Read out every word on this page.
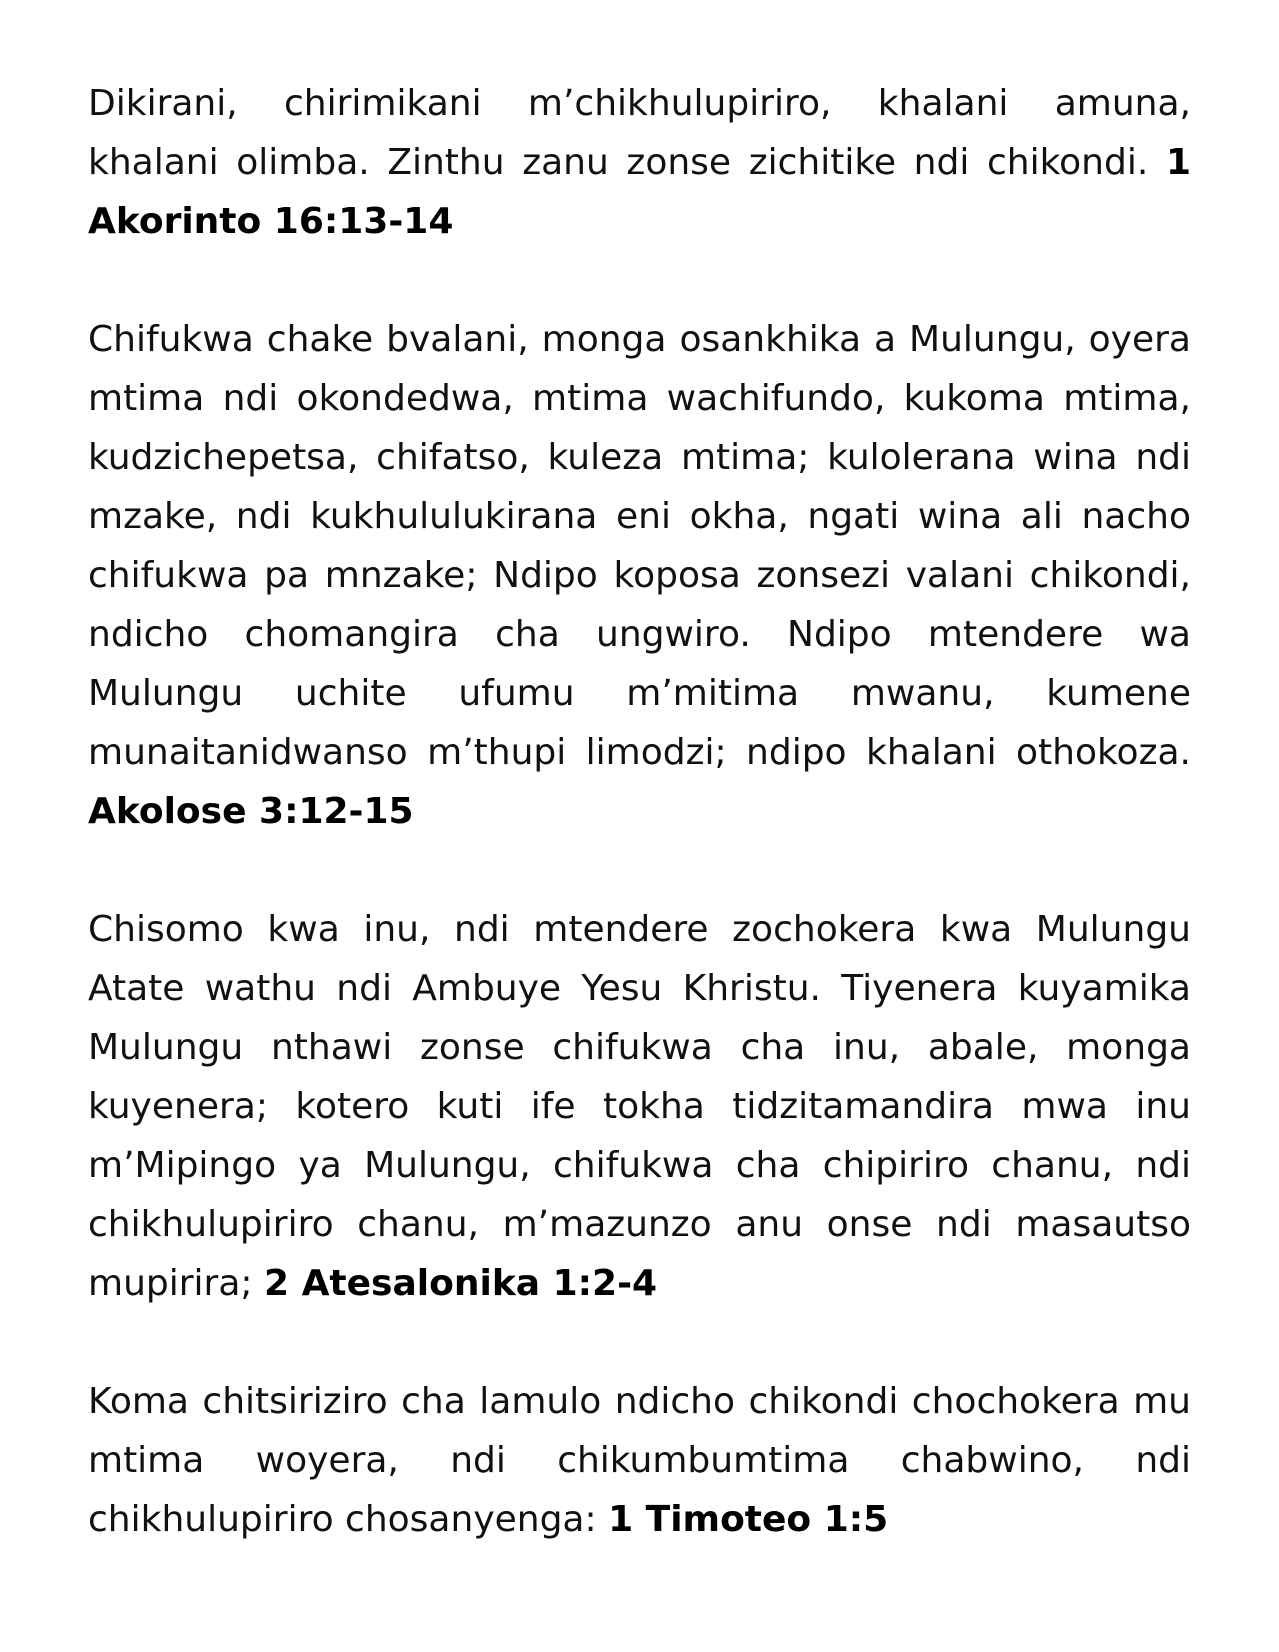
Dikirani, chirimikani m’chikhulupiriro, khalani amuna, khalani olimba. Zinthu zanu zonse zichitike ndi chikondi. 1 Akorinto 16:13-14

Chifukwa chake bvalani, monga osankhika a Mulungu, oyera mtima ndi okondedwa, mtima wachifundo, kukoma mtima, kudzichepetsa, chifatso, kuleza mtima; kulolerana wina ndi mzake, ndi kukhululukirana eni okha, ngati wina ali nacho chifukwa pa mnzake; Ndipo koposa zonsezi valani chikondi, ndicho chomangira cha ungwiro. Ndipo mtendere wa Mulungu uchite ufumu m’mitima mwanu, kumene munaitanidwanso m’thupi limodzi; ndipo khalani othokoza. Akolose 3:12-15

Chisomo kwa inu, ndi mtendere zochokera kwa Mulungu Atate wathu ndi Ambuye Yesu Khristu. Tiyenera kuyamika Mulungu nthawi zonse chifukwa cha inu, abale, monga kuyenera; kotero kuti ife tokha tidzitamandira mwa inu m’Mipingo ya Mulungu, chifukwa cha chipiriro chanu, ndi chikhulupiriro chanu, m’mazunzo anu onse ndi masautso mupirira; 2 Atesalonika 1:2-4

Koma chitsiriziro cha lamulo ndicho chikondi chochokera mu mtima woyera, ndi chikumbumtima chabwino, ndi chikhulupiriro chosanyenga: 1 Timoteo 1:5
